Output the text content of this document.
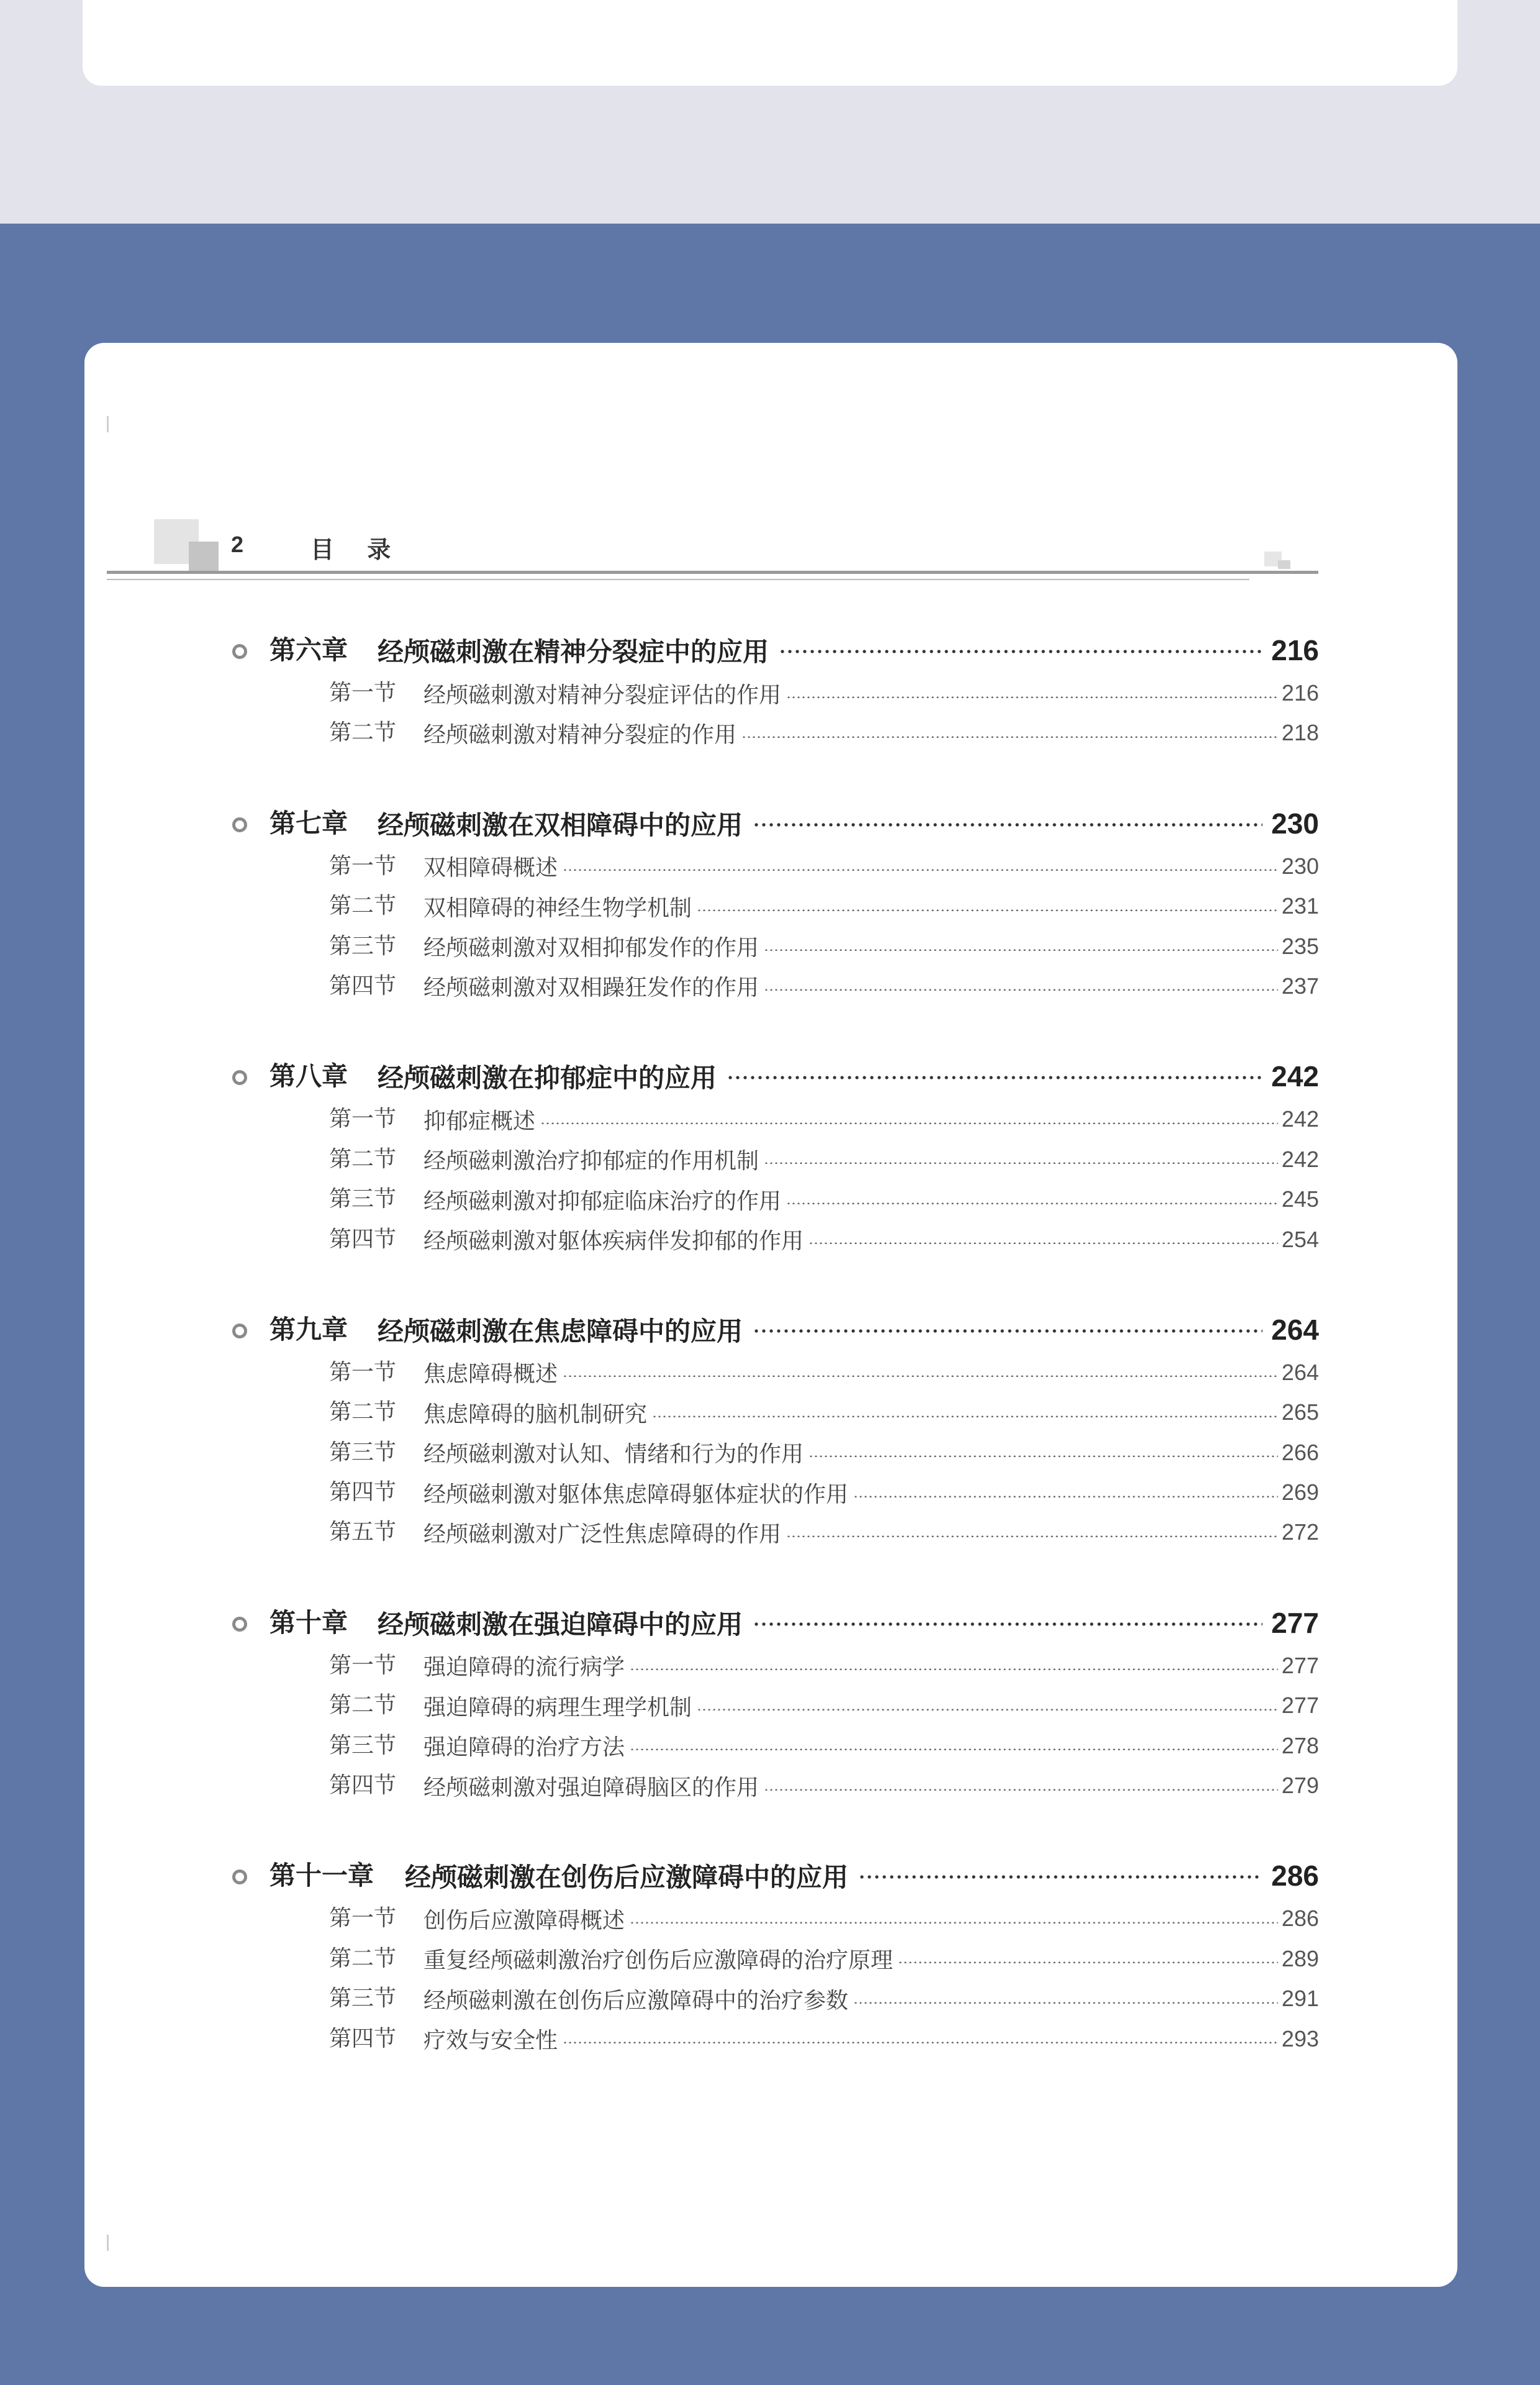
2	目 录
第六章 经颅磁刺激在精神分裂症中的应用	216
第一节 经颅磁刺激对精神分裂症评估的作用	216
第二节 经颅磁刺激对精神分裂症的作用	218
第七章 经颅磁刺激在双相障碍中的应用	230
第一节 双相障碍概述	230
第二节 双相障碍的神经生物学机制	231
第三节 经颅磁刺激对双相抑郁发作的作用	235
第四节 经颅磁刺激对双相躁狂发作的作用	237
第八章 经颅磁刺激在抑郁症中的应用	242
第一节 抑郁症概述	242
第二节 经颅磁刺激治疗抑郁症的作用机制	242
第三节 经颅磁刺激对抑郁症临床治疗的作用	245
第四节 经颅磁刺激对躯体疾病伴发抑郁的作用	254
第九章 经颅磁刺激在焦虑障碍中的应用	264
第一节 焦虑障碍概述	264
第二节 焦虑障碍的脑机制研究	265
第三节 经颅磁刺激对认知、情绪和行为的作用	266
第四节 经颅磁刺激对躯体焦虑障碍躯体症状的作用	269
第五节 经颅磁刺激对广泛性焦虑障碍的作用	272
第十章 经颅磁刺激在强迫障碍中的应用	277
第一节 强迫障碍的流行病学	277
第二节 强迫障碍的病理生理学机制	277
第三节 强迫障碍的治疗方法	278
第四节 经颅磁刺激对强迫障碍脑区的作用	279
第十一章 经颅磁刺激在创伤后应激障碍中的应用	286
第一节 创伤后应激障碍概述	286
第二节 重复经颅磁刺激治疗创伤后应激障碍的治疗原理	289
第三节 经颅磁刺激在创伤后应激障碍中的治疗参数	291
第四节 疗效与安全性	293
